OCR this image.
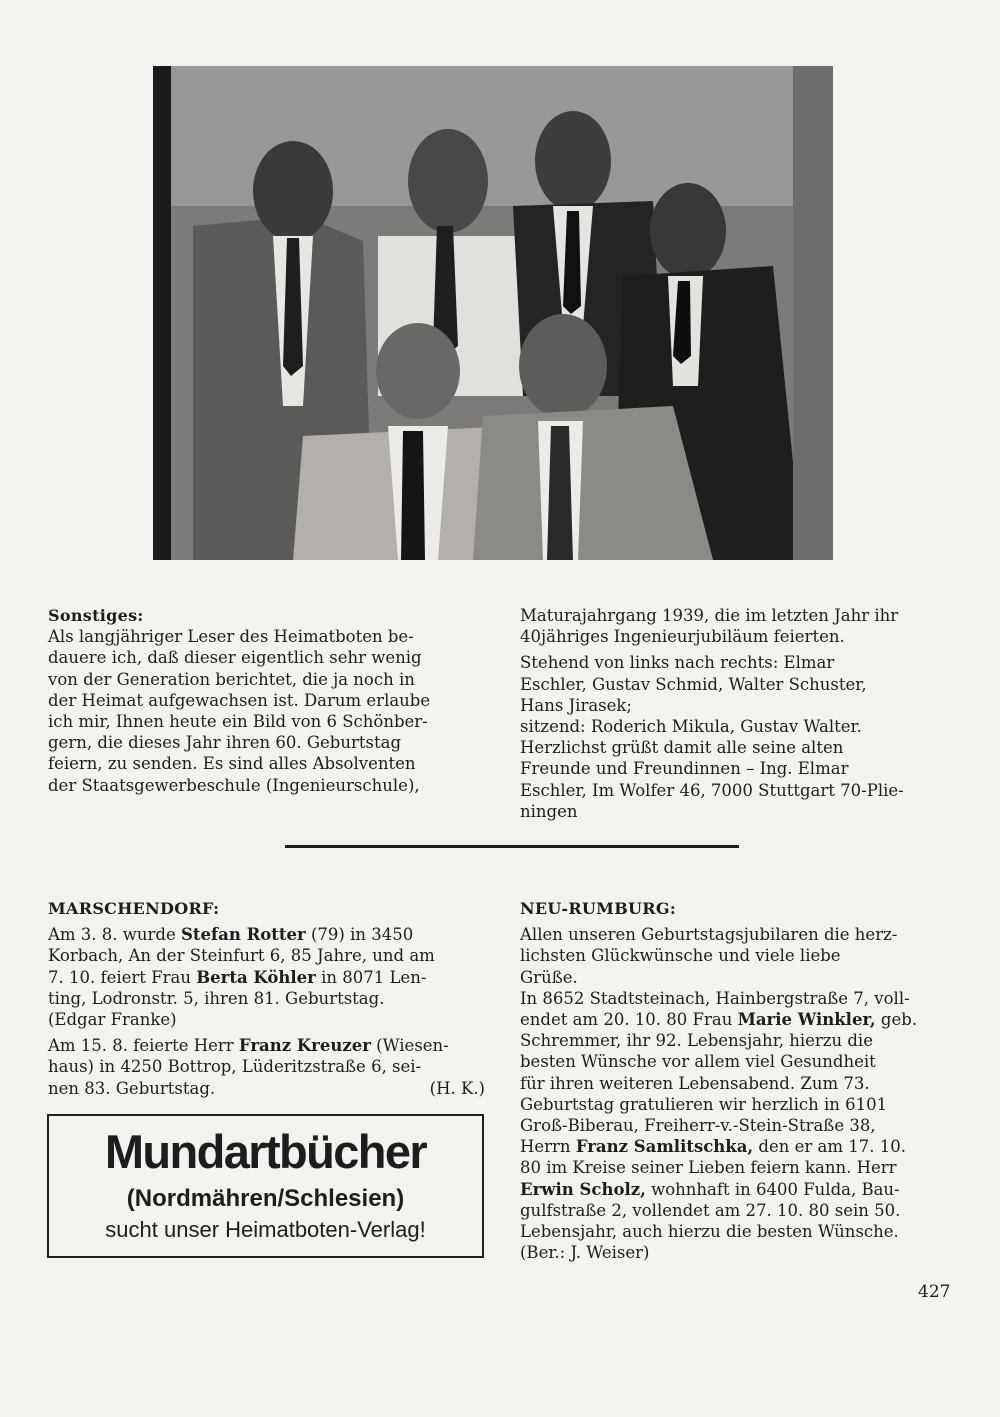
Sonstiges:

Als langjähriger Leser des Heimatboten be-

dauere ich, daß dieser eigentlich sehr wenig

von der Generation berichtet, die ja noch in

der Heimat aufgewachsen ist. Darum erlaube

ich mir, Ihnen heute ein Bild von 6 Schönber-

gern, die dieses Jahr ihren 60. Geburtstag

feiern, zu senden. Es sind alles Absolventen

der Staatsgewerbeschule (Ingenieurschule),

Maturajahrgang 1939, die im letzten Jahr ihr

40jähriges Ingenieurjubiläum feierten.

Stehend von links nach rechts: Elmar

Eschler, Gustav Schmid, Walter Schuster,

Hans Jirasek;

sitzend: Roderich Mikula, Gustav Walter.

Herzlichst grüßt damit alle seine alten

Freunde und Freundinnen – Ing. Elmar

Eschler, Im Wolfer 46, 7000 Stuttgart 70-Plie-

ningen

MARSCHENDORF:

Am 3. 8. wurde Stefan Rotter (79) in 3450

Korbach, An der Steinfurt 6, 85 Jahre, und am

7. 10. feiert Frau Berta Köhler in 8071 Len-

ting, Lodronstr. 5, ihren 81. Geburtstag.

(Edgar Franke)

Am 15. 8. feierte Herr Franz Kreuzer (Wiesen-

haus) in 4250 Bottrop, Lüderitzstraße 6, sei-

nen 83. Geburtstag.	(H. K.)

Mundartbücher
(Nordmähren/Schlesien)
sucht unser Heimatboten-Verlag!

NEU-RUMBURG:

Allen unseren Geburtstagsjubilaren die herz-

lichsten Glückwünsche und viele liebe

Grüße.

In 8652 Stadtsteinach, Hainbergstraße 7, voll-

endet am 20. 10. 80 Frau Marie Winkler, geb.

Schremmer, ihr 92. Lebensjahr, hierzu die

besten Wünsche vor allem viel Gesundheit

für ihren weiteren Lebensabend. Zum 73.

Geburtstag gratulieren wir herzlich in 6101

Groß-Biberau, Freiherr-v.-Stein-Straße 38,

Herrn Franz Samlitschka, den er am 17. 10.

80 im Kreise seiner Lieben feiern kann. Herr

Erwin Scholz, wohnhaft in 6400 Fulda, Bau-

gulfstraße 2, vollendet am 27. 10. 80 sein 50.

Lebensjahr, auch hierzu die besten Wünsche.

(Ber.: J. Weiser)

427
